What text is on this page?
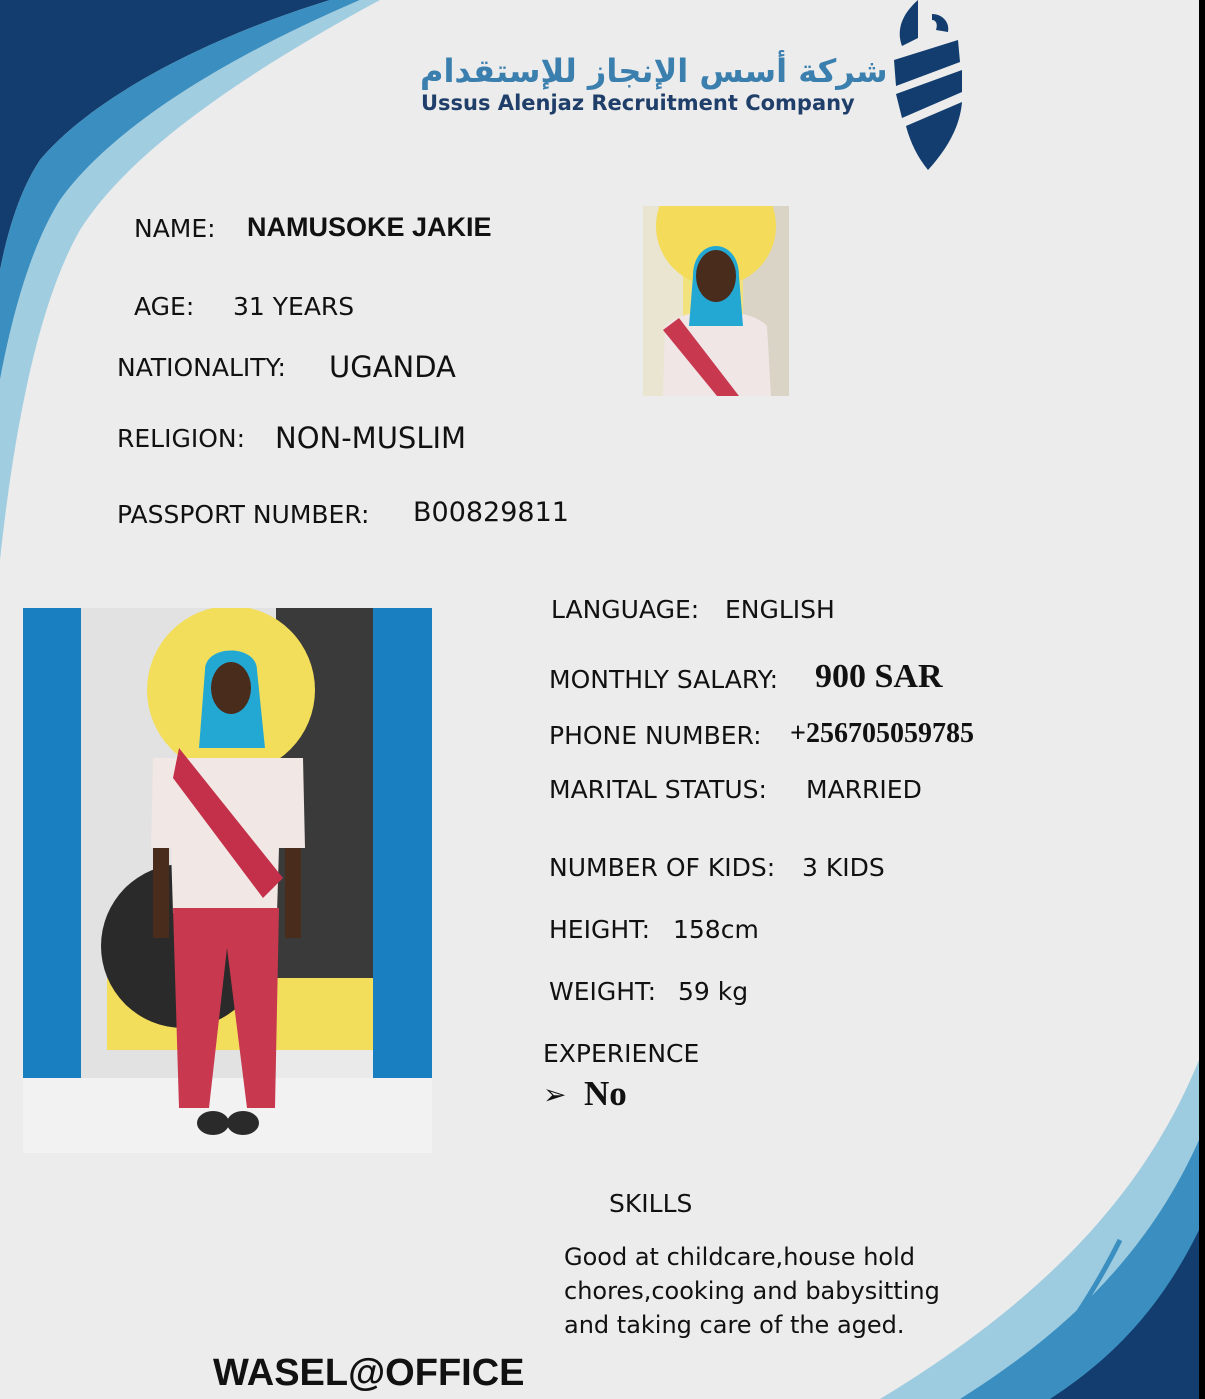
شركة أسس الإنجاز للإستقدام
Ussus Alenjaz Recruitment Company
NAME: NAMUSOKE JAKIE
AGE: 31 YEARS
NATIONALITY: UGANDA
RELIGION: NON-MUSLIM
PASSPORT NUMBER: B00829811
LANGUAGE: ENGLISH
MONTHLY SALARY: 900 SAR
PHONE NUMBER: +256705059785
MARITAL STATUS: MARRIED
NUMBER OF KIDS: 3 KIDS
HEIGHT: 158cm
WEIGHT: 59 kg
EXPERIENCE
➢ No
SKILLS
Good at childcare,house hold chores,cooking and babysitting and taking care of the aged.
WASEL@OFFICE
